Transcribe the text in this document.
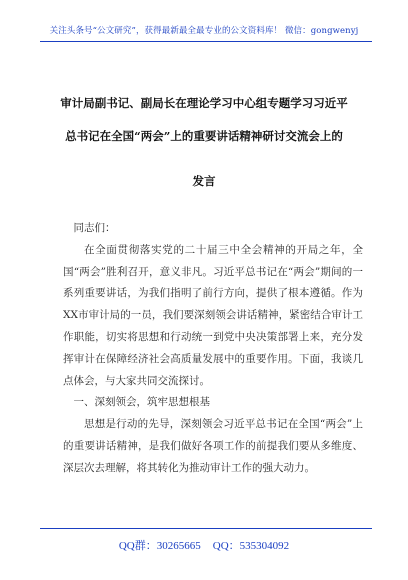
关注头条号“公文研究”，获得最新最全最专业的公文资料库！ 微信：gongwenyj
审计局副书记、副局长在理论学习中心组专题学习习近平
总书记在全国“两会”上的重要讲话精神研讨交流会上的
发言

同志们：

在全面贯彻落实党的二十届三中全会精神的开局之年，全国“两会”胜利召开，意义非凡。习近平总书记在“两会”期间的一系列重要讲话，为我们指明了前行方向，提供了根本遵循。作为XX市审计局的一员，我们要深刻领会讲话精神，紧密结合审计工作职能，切实将思想和行动统一到党中央决策部署上来，充分发挥审计在保障经济社会高质量发展中的重要作用。下面，我谈几点体会，与大家共同交流探讨。

一、深刻领会，筑牢思想根基

思想是行动的先导，深刻领会习近平总书记在全国“两会”上的重要讲话精神，是我们做好各项工作的前提我们要从多维度、深层次去理解，将其转化为推动审计工作的强大动力。

QQ群：30265665 QQ：535304092
